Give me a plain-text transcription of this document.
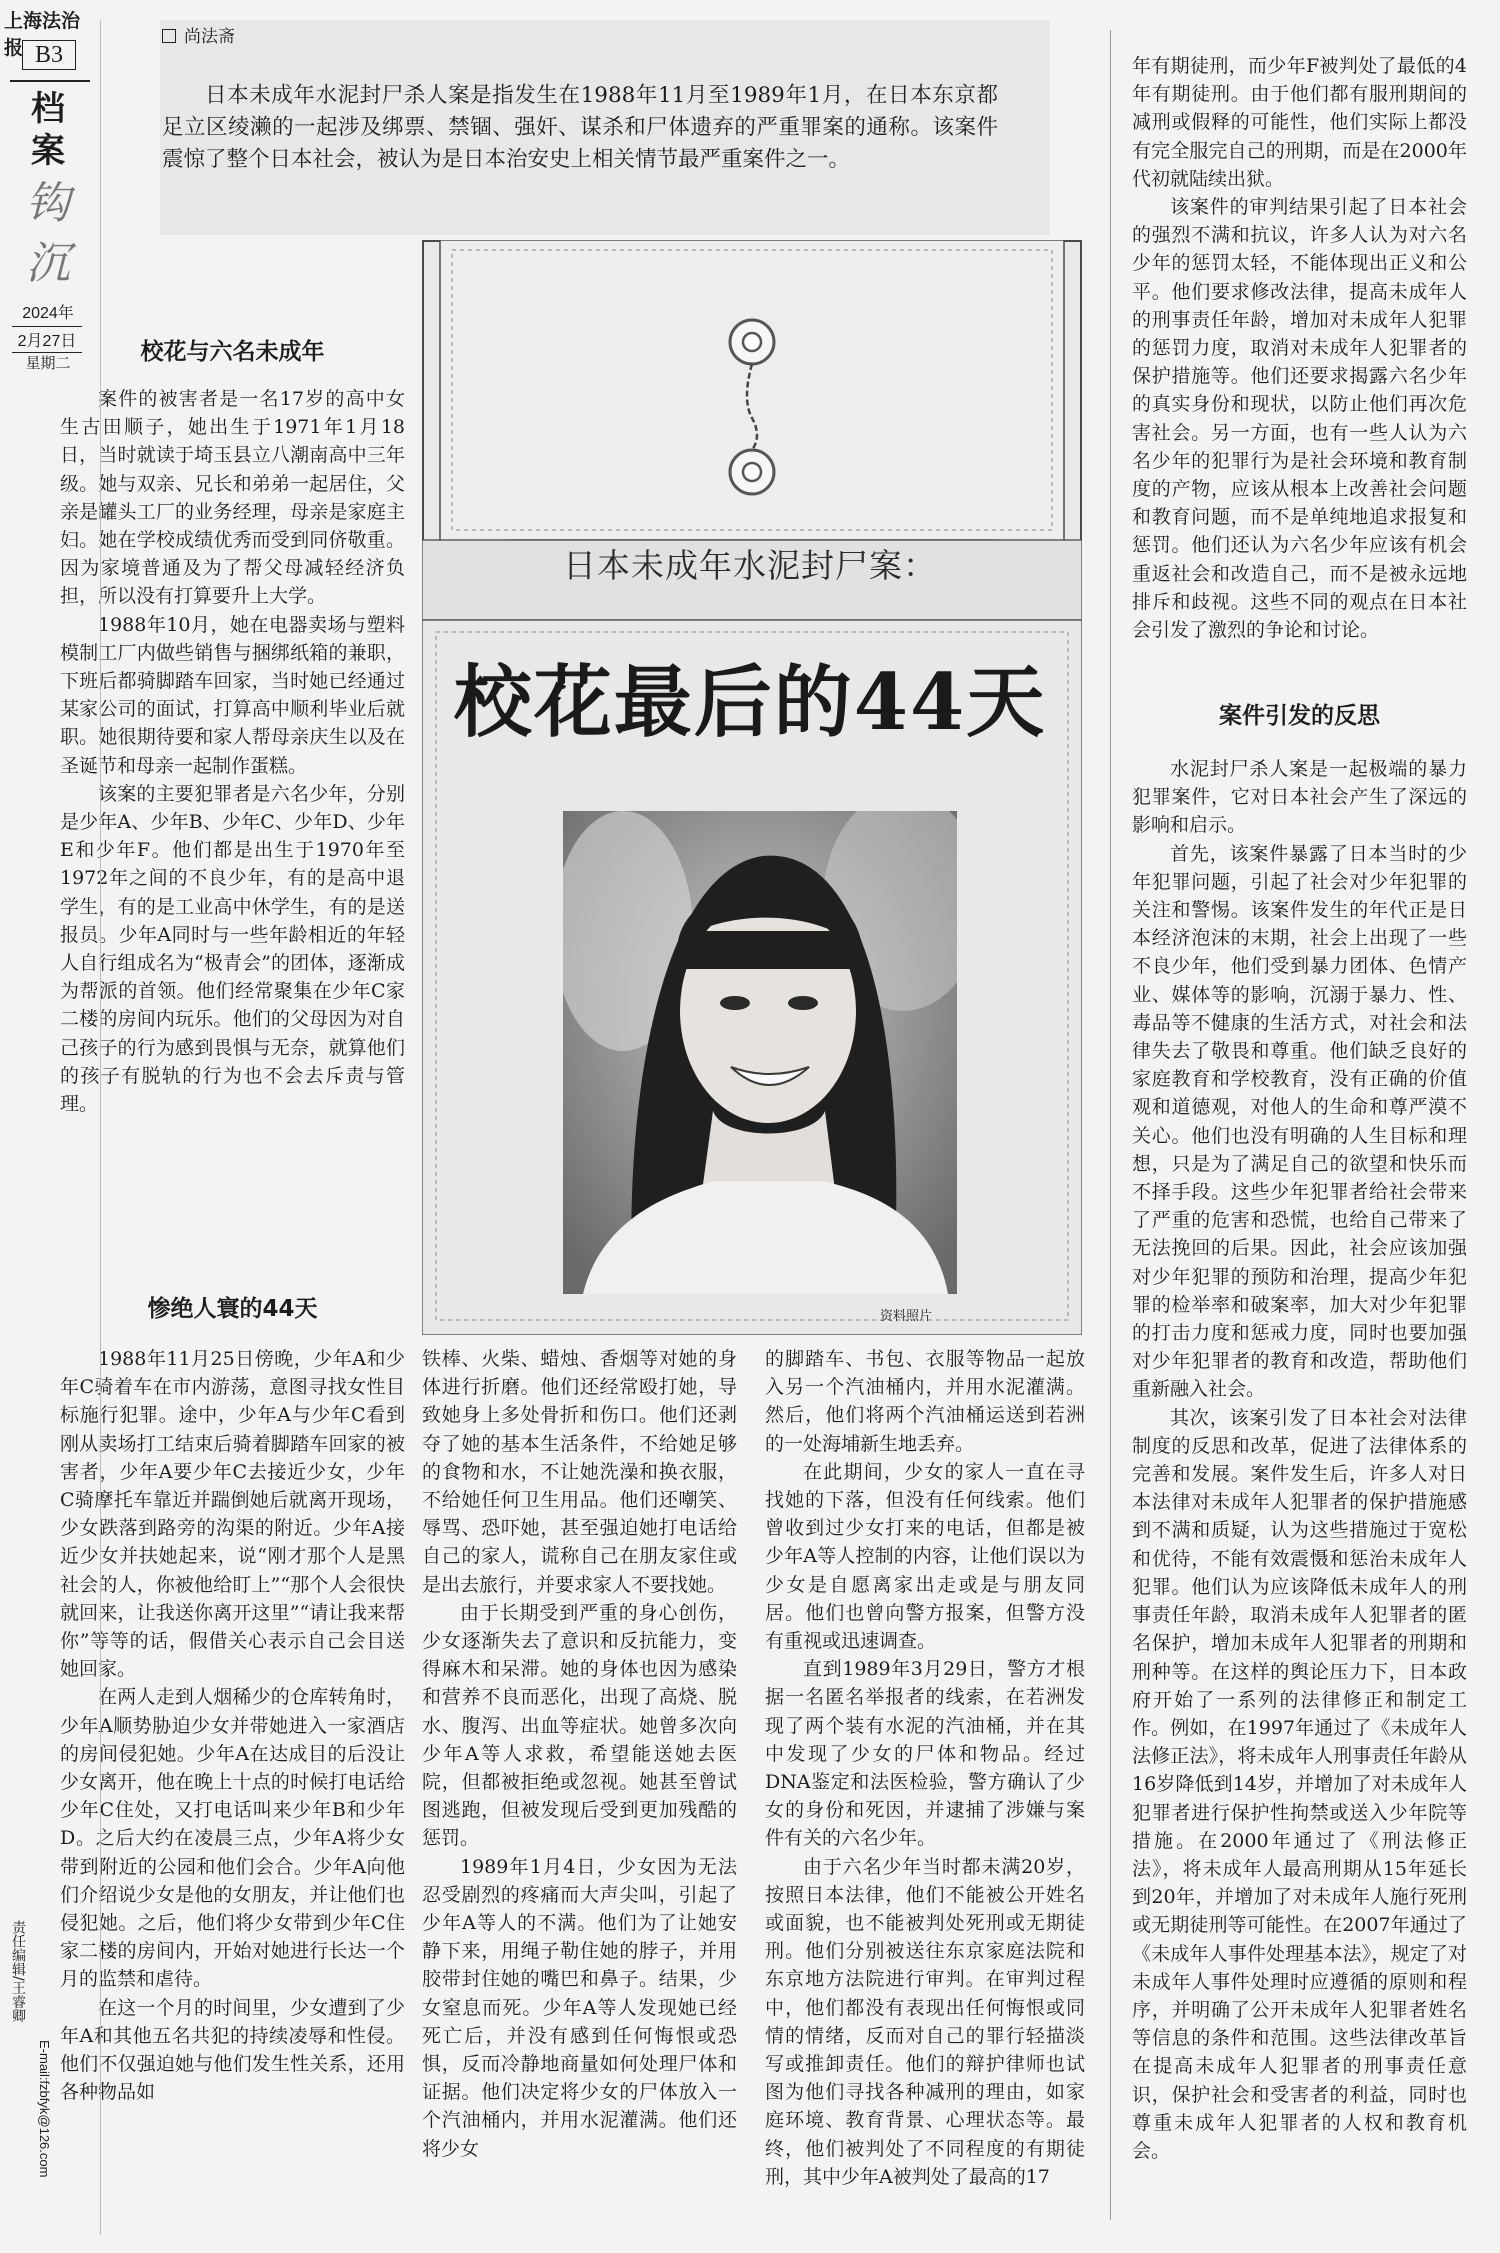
上海法治报 B3
档案
钩沉
2024年
2月27日
星期二
责任编辑/王睿卿
E-mail:fzbfyk@126.com
尚法斋
日本未成年水泥封尸杀人案是指发生在1988年11月至1989年1月，在日本东京都足立区绫濑的一起涉及绑票、禁锢、强奸、谋杀和尸体遗弃的严重罪案的通称。该案件震惊了整个日本社会，被认为是日本治安史上相关情节最严重案件之一。
日本未成年水泥封尸案：
校花最后的44天
资料照片
校花与六名未成年

案件的被害者是一名17岁的高中女生古田顺子，她出生于1971年1月18日，当时就读于埼玉县立八潮南高中三年级。她与双亲、兄长和弟弟一起居住，父亲是罐头工厂的业务经理，母亲是家庭主妇。她在学校成绩优秀而受到同侪敬重。因为家境普通及为了帮父母减轻经济负担，所以没有打算要升上大学。

1988年10月，她在电器卖场与塑料模制工厂内做些销售与捆绑纸箱的兼职，下班后都骑脚踏车回家，当时她已经通过某家公司的面试，打算高中顺利毕业后就职。她很期待要和家人帮母亲庆生以及在圣诞节和母亲一起制作蛋糕。

该案的主要犯罪者是六名少年，分别是少年A、少年B、少年C、少年D、少年E和少年F。他们都是出生于1970年至1972年之间的不良少年，有的是高中退学生，有的是工业高中休学生，有的是送报员。少年A同时与一些年龄相近的年轻人自行组成名为“极青会”的团体，逐渐成为帮派的首领。他们经常聚集在少年C家二楼的房间内玩乐。他们的父母因为对自己孩子的行为感到畏惧与无奈，就算他们的孩子有脱轨的行为也不会去斥责与管理。

惨绝人寰的44天

1988年11月25日傍晚，少年A和少年C骑着车在市内游荡，意图寻找女性目标施行犯罪。途中，少年A与少年C看到刚从卖场打工结束后骑着脚踏车回家的被害者，少年A要少年C去接近少女，少年C骑摩托车靠近并踹倒她后就离开现场，少女跌落到路旁的沟渠的附近。少年A接近少女并扶她起来，说“刚才那个人是黑社会的人，你被他给盯上”“那个人会很快就回来，让我送你离开这里”“请让我来帮你”等等的话，假借关心表示自己会目送她回家。

在两人走到人烟稀少的仓库转角时，少年A顺势胁迫少女并带她进入一家酒店的房间侵犯她。少年A在达成目的后没让少女离开，他在晚上十点的时候打电话给少年C住处，又打电话叫来少年B和少年D。之后大约在凌晨三点，少年A将少女带到附近的公园和他们会合。少年A向他们介绍说少女是他的女朋友，并让他们也侵犯她。之后，他们将少女带到少年C住家二楼的房间内，开始对她进行长达一个月的监禁和虐待。

在这一个月的时间里，少女遭到了少年A和其他五名共犯的持续凌辱和性侵。他们不仅强迫她与他们发生性关系，还用各种物品如

铁棒、火柴、蜡烛、香烟等对她的身体进行折磨。他们还经常殴打她，导致她身上多处骨折和伤口。他们还剥夺了她的基本生活条件，不给她足够的食物和水，不让她洗澡和换衣服，不给她任何卫生用品。他们还嘲笑、辱骂、恐吓她，甚至强迫她打电话给自己的家人，谎称自己在朋友家住或是出去旅行，并要求家人不要找她。

由于长期受到严重的身心创伤，少女逐渐失去了意识和反抗能力，变得麻木和呆滞。她的身体也因为感染和营养不良而恶化，出现了高烧、脱水、腹泻、出血等症状。她曾多次向少年A等人求救，希望能送她去医院，但都被拒绝或忽视。她甚至曾试图逃跑，但被发现后受到更加残酷的惩罚。

1989年1月4日，少女因为无法忍受剧烈的疼痛而大声尖叫，引起了少年A等人的不满。他们为了让她安静下来，用绳子勒住她的脖子，并用胶带封住她的嘴巴和鼻子。结果，少女窒息而死。少年A等人发现她已经死亡后，并没有感到任何悔恨或恐惧，反而冷静地商量如何处理尸体和证据。他们决定将少女的尸体放入一个汽油桶内，并用水泥灌满。他们还将少女

的脚踏车、书包、衣服等物品一起放入另一个汽油桶内，并用水泥灌满。然后，他们将两个汽油桶运送到若洲的一处海埔新生地丢弃。

在此期间，少女的家人一直在寻找她的下落，但没有任何线索。他们曾收到过少女打来的电话，但都是被少年A等人控制的内容，让他们误以为少女是自愿离家出走或是与朋友同居。他们也曾向警方报案，但警方没有重视或迅速调查。

直到1989年3月29日，警方才根据一名匿名举报者的线索，在若洲发现了两个装有水泥的汽油桶，并在其中发现了少女的尸体和物品。经过DNA鉴定和法医检验，警方确认了少女的身份和死因，并逮捕了涉嫌与案件有关的六名少年。

由于六名少年当时都未满20岁，按照日本法律，他们不能被公开姓名或面貌，也不能被判处死刑或无期徒刑。他们分别被送往东京家庭法院和东京地方法院进行审判。在审判过程中，他们都没有表现出任何悔恨或同情的情绪，反而对自己的罪行轻描淡写或推卸责任。他们的辩护律师也试图为他们寻找各种减刑的理由，如家庭环境、教育背景、心理状态等。最终，他们被判处了不同程度的有期徒刑，其中少年A被判处了最高的17

年有期徒刑，而少年F被判处了最低的4年有期徒刑。由于他们都有服刑期间的减刑或假释的可能性，他们实际上都没有完全服完自己的刑期，而是在2000年代初就陆续出狱。

该案件的审判结果引起了日本社会的强烈不满和抗议，许多人认为对六名少年的惩罚太轻，不能体现出正义和公平。他们要求修改法律，提高未成年人的刑事责任年龄，增加对未成年人犯罪的惩罚力度，取消对未成年人犯罪者的保护措施等。他们还要求揭露六名少年的真实身份和现状，以防止他们再次危害社会。另一方面，也有一些人认为六名少年的犯罪行为是社会环境和教育制度的产物，应该从根本上改善社会问题和教育问题，而不是单纯地追求报复和惩罚。他们还认为六名少年应该有机会重返社会和改造自己，而不是被永远地排斥和歧视。这些不同的观点在日本社会引发了激烈的争论和讨论。

案件引发的反思

水泥封尸杀人案是一起极端的暴力犯罪案件，它对日本社会产生了深远的影响和启示。

首先，该案件暴露了日本当时的少年犯罪问题，引起了社会对少年犯罪的关注和警惕。该案件发生的年代正是日本经济泡沫的末期，社会上出现了一些不良少年，他们受到暴力团体、色情产业、媒体等的影响，沉溺于暴力、性、毒品等不健康的生活方式，对社会和法律失去了敬畏和尊重。他们缺乏良好的家庭教育和学校教育，没有正确的价值观和道德观，对他人的生命和尊严漠不关心。他们也没有明确的人生目标和理想，只是为了满足自己的欲望和快乐而不择手段。这些少年犯罪者给社会带来了严重的危害和恐慌，也给自己带来了无法挽回的后果。因此，社会应该加强对少年犯罪的预防和治理，提高少年犯罪的检举率和破案率，加大对少年犯罪的打击力度和惩戒力度，同时也要加强对少年犯罪者的教育和改造，帮助他们重新融入社会。

其次，该案引发了日本社会对法律制度的反思和改革，促进了法律体系的完善和发展。案件发生后，许多人对日本法律对未成年人犯罪者的保护措施感到不满和质疑，认为这些措施过于宽松和优待，不能有效震慑和惩治未成年人犯罪。他们认为应该降低未成年人的刑事责任年龄，取消未成年人犯罪者的匿名保护，增加未成年人犯罪者的刑期和刑种等。在这样的舆论压力下，日本政府开始了一系列的法律修正和制定工作。例如，在1997年通过了《未成年人法修正法》，将未成年人刑事责任年龄从16岁降低到14岁，并增加了对未成年人犯罪者进行保护性拘禁或送入少年院等措施。在2000年通过了《刑法修正法》，将未成年人最高刑期从15年延长到20年，并增加了对未成年人施行死刑或无期徒刑等可能性。在2007年通过了《未成年人事件处理基本法》，规定了对未成年人事件处理时应遵循的原则和程序，并明确了公开未成年人犯罪者姓名等信息的条件和范围。这些法律改革旨在提高未成年人犯罪者的刑事责任意识，保护社会和受害者的利益，同时也尊重未成年人犯罪者的人权和教育机会。
